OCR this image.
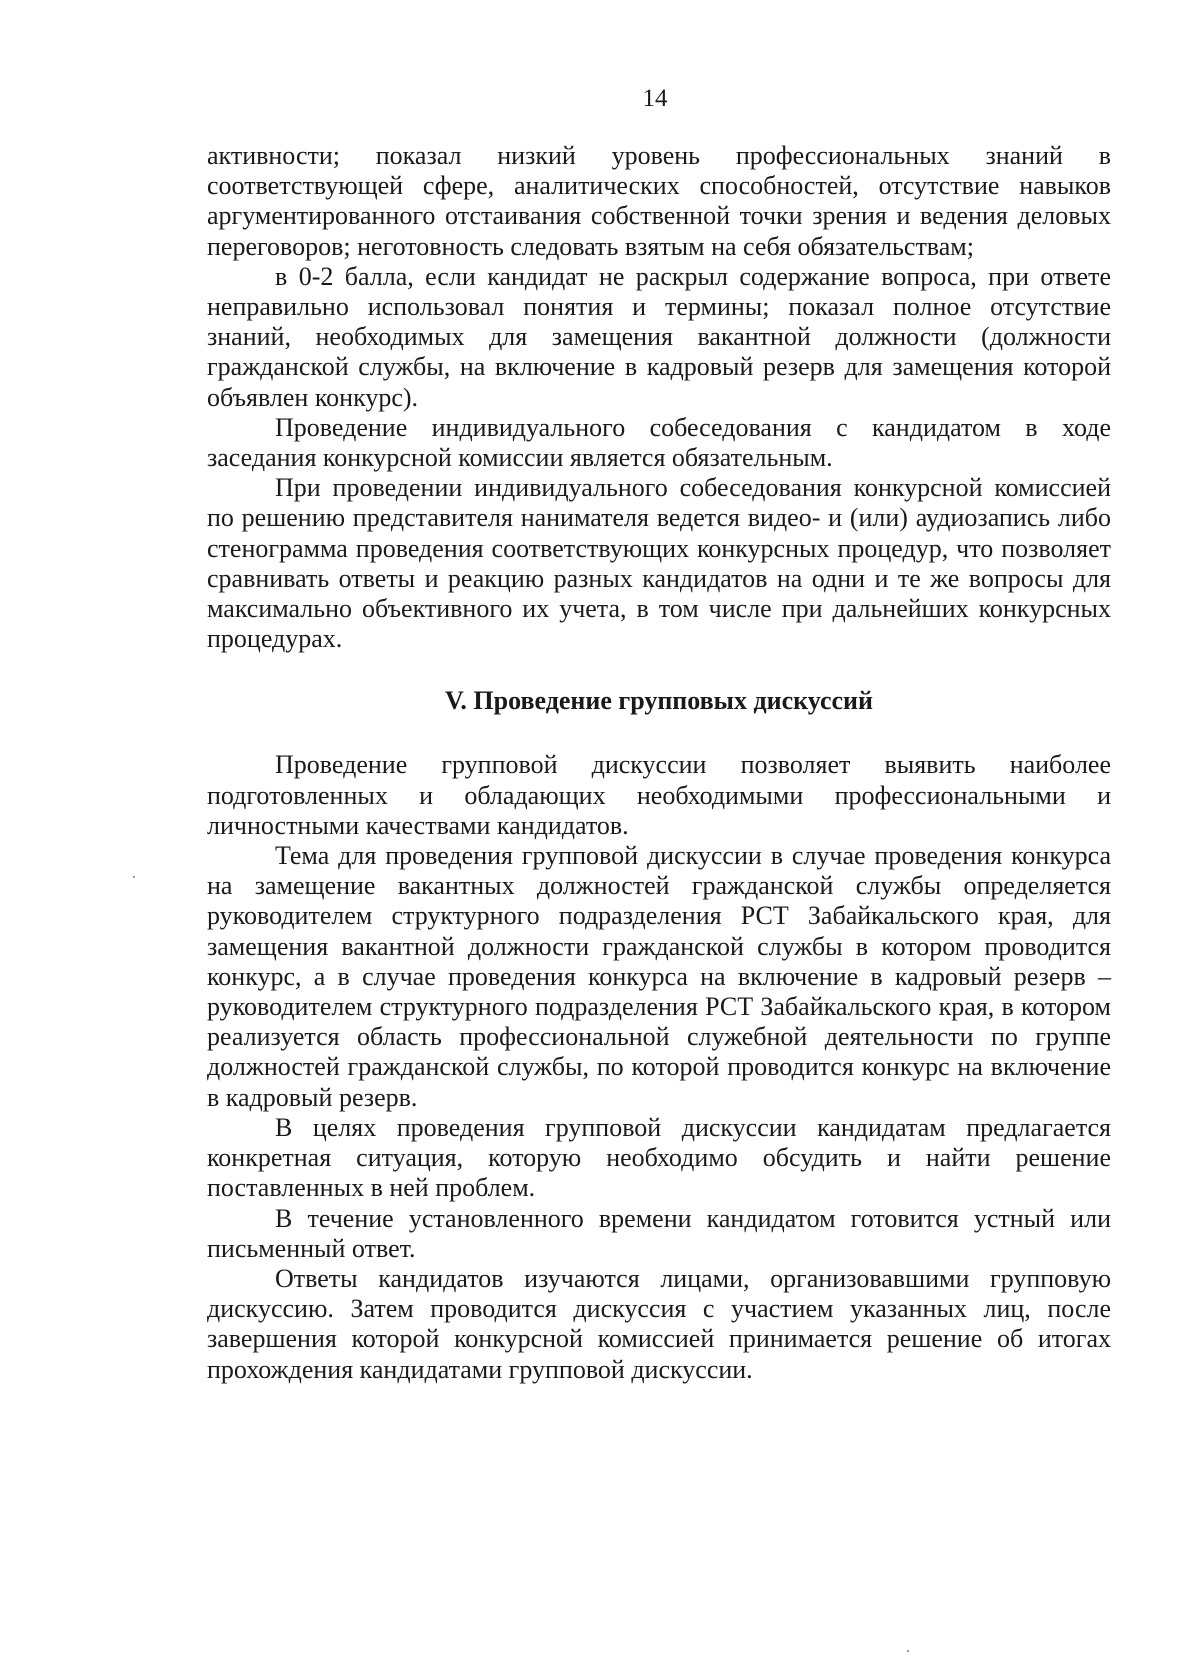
14

активности; показал низкий уровень профессиональных знаний в соответствующей сфере, аналитических способностей, отсутствие навыков аргументированного отстаивания собственной точки зрения и ведения деловых переговоров; неготовность следовать взятым на себя обязательствам;

в 0-2 балла, если кандидат не раскрыл содержание вопроса, при ответе неправильно использовал понятия и термины; показал полное отсутствие знаний, необходимых для замещения вакантной должности (должности гражданской службы, на включение в кадровый резерв для замещения которой объявлен конкурс).

Проведение индивидуального собеседования с кандидатом в ходе заседания конкурсной комиссии является обязательным.

При проведении индивидуального собеседования конкурсной комиссией по решению представителя нанимателя ведется видео- и (или) аудиозапись либо стенограмма проведения соответствующих конкурсных процедур, что позволяет сравнивать ответы и реакцию разных кандидатов на одни и те же вопросы для максимально объективного их учета, в том числе при дальнейших конкурсных процедурах.

V. Проведение групповых дискуссий

Проведение групповой дискуссии позволяет выявить наиболее подготовленных и обладающих необходимыми профессиональными и личностными качествами кандидатов.

Тема для проведения групповой дискуссии в случае проведения конкурса на замещение вакантных должностей гражданской службы определяется руководителем структурного подразделения РСТ Забайкальского края, для замещения вакантной должности гражданской службы в котором проводится конкурс, а в случае проведения конкурса на включение в кадровый резерв – руководителем структурного подразделения РСТ Забайкальского края, в котором реализуется область профессиональной служебной деятельности по группе должностей гражданской службы, по которой проводится конкурс на включение в кадровый резерв.

В целях проведения групповой дискуссии кандидатам предлагается конкретная ситуация, которую необходимо обсудить и найти решение поставленных в ней проблем.

В течение установленного времени кандидатом готовится устный или письменный ответ.

Ответы кандидатов изучаются лицами, организовавшими групповую дискуссию. Затем проводится дискуссия с участием указанных лиц, после завершения которой конкурсной комиссией принимается решение об итогах прохождения кандидатами групповой дискуссии.
